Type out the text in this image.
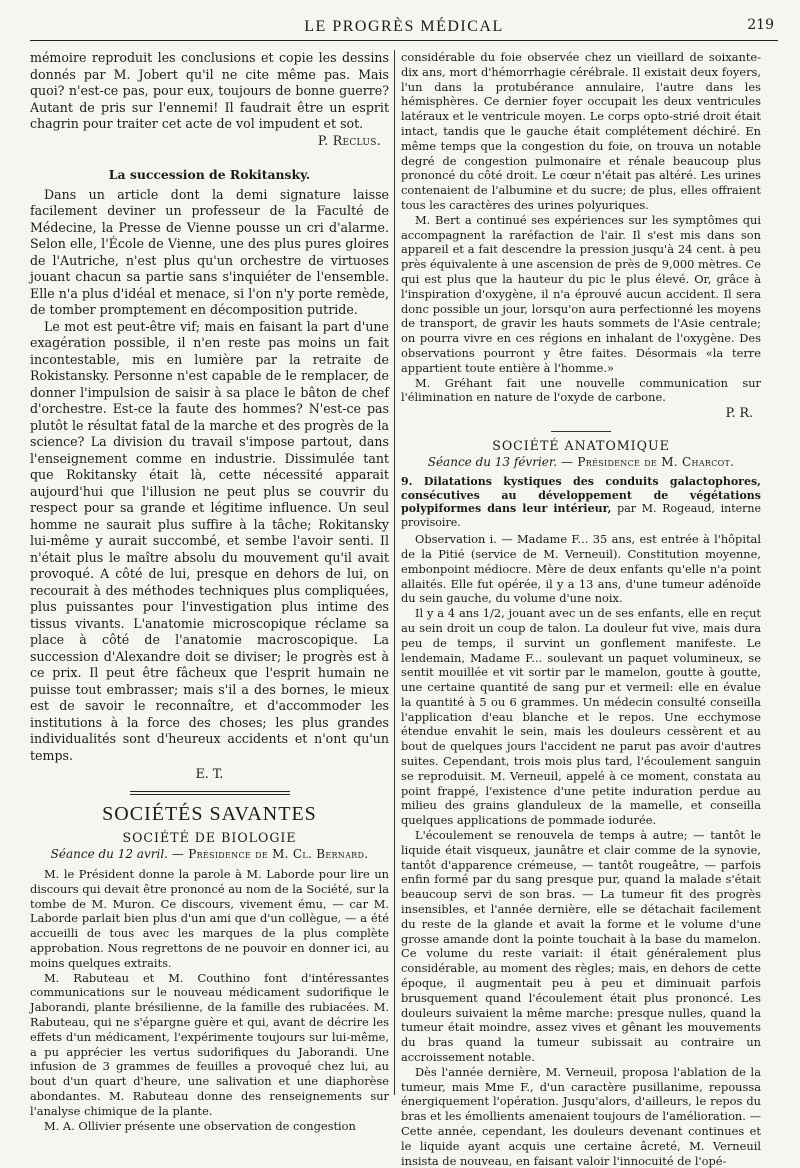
LE PROGRÈS MÉDICAL	219

mémoire reproduit les conclusions et copie les dessins donnés par M. Jobert qu'il ne cite même pas. Mais quoi? n'est-ce pas, pour eux, toujours de bonne guerre? Autant de pris sur l'ennemi! Il faudrait être un esprit chagrin pour traiter cet acte de vol impudent et sot.

P. Reclus.

La succession de Rokitansky.

Dans un article dont la demi signature laisse facilement deviner un professeur de la Faculté de Médecine, la Presse de Vienne pousse un cri d'alarme. Selon elle, l'École de Vienne, une des plus pures gloires de l'Autriche, n'est plus qu'un orchestre de virtuoses jouant chacun sa partie sans s'inquiéter de l'ensemble. Elle n'a plus d'idéal et menace, si l'on n'y porte remède, de tomber promptement en décomposition putride.

Le mot est peut-être vif; mais en faisant la part d'une exagération possible, il n'en reste pas moins un fait incontestable, mis en lumière par la retraite de Rokistansky. Personne n'est capable de le remplacer, de donner l'impulsion de saisir à sa place le bâton de chef d'orchestre. Est-ce la faute des hommes? N'est-ce pas plutôt le résultat fatal de la marche et des progrès de la science? La division du travail s'impose partout, dans l'enseignement comme en industrie. Dissimulée tant que Rokitansky était là, cette nécessité apparait aujourd'hui que l'illusion ne peut plus se couvrir du respect pour sa grande et légitime influence. Un seul homme ne saurait plus suffire à la tâche; Rokitansky lui-même y aurait succombé, et sembe l'avoir senti. Il n'était plus le maître absolu du mouvement qu'il avait provoqué. A côté de lui, presque en dehors de lui, on recourait à des méthodes techniques plus compliquées, plus puissantes pour l'investigation plus intime des tissus vivants. L'anatomie microscopique réclame sa place à côté de l'anatomie macroscopique. La succession d'Alexandre doit se diviser; le progrès est à ce prix. Il peut être fâcheux que l'esprit humain ne puisse tout embrasser; mais s'il a des bornes, le mieux est de savoir le reconnaître, et d'accommoder les institutions à la force des choses; les plus grandes individualités sont d'heureux accidents et n'ont qu'un temps.

E. T.

SOCIÉTÉS SAVANTES
SOCIÉTÉ DE BIOLOGIE
Séance du 12 avril. — Présidence de M. Cl. Bernard.

M. le Président donne la parole à M. Laborde pour lire un discours qui devait être prononcé au nom de la Société, sur la tombe de M. Muron. Ce discours, vivement ému, — car M. Laborde parlait bien plus d'un ami que d'un collègue, — a été accueilli de tous avec les marques de la plus complète approbation. Nous regrettons de ne pouvoir en donner ici, au moins quelques extraits.

M. Rabuteau et M. Couthino font d'intéressantes communications sur le nouveau médicament sudorifique le Jaborandi, plante brésilienne, de la famille des rubiacées. M. Rabuteau, qui ne s'épargne guère et qui, avant de décrire les effets d'un médicament, l'expérimente toujours sur lui-même, a pu apprécier les vertus sudorifiques du Jaborandi. Une infusion de 3 grammes de feuilles a provoqué chez lui, au bout d'un quart d'heure, une salivation et une diaphorèse abondantes. M. Rabuteau donne des renseignements sur l'analyse chimique de la plante.

M. A. Ollivier présente une observation de congestion

considérable du foie observée chez un vieillard de soixante-dix ans, mort d'hémorrhagie cérébrale. Il existait deux foyers, l'un dans la protubérance annulaire, l'autre dans les hémisphères. Ce dernier foyer occupait les deux ventricules latéraux et le ventricule moyen. Le corps opto-strié droit était intact, tandis que le gauche était complétement déchiré. En même temps que la congestion du foie, on trouva un notable degré de congestion pulmonaire et rénale beaucoup plus prononcé du côté droit. Le cœur n'était pas altéré. Les urines contenaient de l'albumine et du sucre; de plus, elles offraient tous les caractères des urines polyuriques.

M. Bert a continué ses expériences sur les symptômes qui accompagnent la raréfaction de l'air. Il s'est mis dans son appareil et a fait descendre la pression jusqu'à 24 cent. à peu près équivalente à une ascension de près de 9,000 mètres. Ce qui est plus que la hauteur du pic le plus élevé. Or, grâce à l'inspiration d'oxygène, il n'a éprouvé aucun accident. Il sera donc possible un jour, lorsqu'on aura perfectionné les moyens de transport, de gravir les hauts sommets de l'Asie centrale; on pourra vivre en ces régions en inhalant de l'oxygène. Des observations pourront y être faites. Désormais «la terre appartient toute entière à l'homme.»

M. Gréhant fait une nouvelle communication sur l'élimination en nature de l'oxyde de carbone.

P. R.

SOCIÉTÉ ANATOMIQUE
Séance du 13 février. — Présidence de M. Charcot.

9. Dilatations kystiques des conduits galactophores, consécutives au développement de végétations polypiformes dans leur intérieur, par M. Rogeaud, interne provisoire.

Observation i. — Madame F... 35 ans, est entrée à l'hôpital de la Pitié (service de M. Verneuil). Constitution moyenne, embonpoint médiocre. Mère de deux enfants qu'elle n'a point allaités. Elle fut opérée, il y a 13 ans, d'une tumeur adénoïde du sein gauche, du volume d'une noix.

Il y a 4 ans 1/2, jouant avec un de ses enfants, elle en reçut au sein droit un coup de talon. La douleur fut vive, mais dura peu de temps, il survint un gonflement manifeste. Le lendemain, Madame F... soulevant un paquet volumineux, se sentit mouillée et vit sortir par le mamelon, goutte à goutte, une certaine quantité de sang pur et vermeil: elle en évalue la quantité à 5 ou 6 grammes. Un médecin consulté conseilla l'application d'eau blanche et le repos. Une ecchymose étendue envahit le sein, mais les douleurs cessèrent et au bout de quelques jours l'accident ne parut pas avoir d'autres suites. Cependant, trois mois plus tard, l'écoulement sanguin se reproduisit. M. Verneuil, appelé à ce moment, constata au point frappé, l'existence d'une petite induration perdue au milieu des grains glanduleux de la mamelle, et conseilla quelques applications de pommade iodurée.

L'écoulement se renouvela de temps à autre; — tantôt le liquide était visqueux, jaunâtre et clair comme de la synovie, tantôt d'apparence crémeuse, — tantôt rougeâtre, — parfois enfin formé par du sang presque pur, quand la malade s'était beaucoup servi de son bras. — La tumeur fit des progrès insensibles, et l'année dernière, elle se détachait facilement du reste de la glande et avait la forme et le volume d'une grosse amande dont la pointe touchait à la base du mamelon. Ce volume du reste variait: il était généralement plus considérable, au moment des règles; mais, en dehors de cette époque, il augmentait peu à peu et diminuait parfois brusquement quand l'écoulement était plus prononcé. Les douleurs suivaient la même marche: presque nulles, quand la tumeur était moindre, assez vives et gênant les mouvements du bras quand la tumeur subissait au contraire un accroissement notable.

Dès l'année dernière, M. Verneuil, proposa l'ablation de la tumeur, mais Mme F., d'un caractère pusillanime, repoussa énergiquement l'opération. Jusqu'alors, d'ailleurs, le repos du bras et les émollients amenaient toujours de l'amélioration. — Cette année, cependant, les douleurs devenant continues et le liquide ayant acquis une certaine âcreté, M. Verneuil insista de nouveau, en faisant valoir l'innocuité de l'opé-
